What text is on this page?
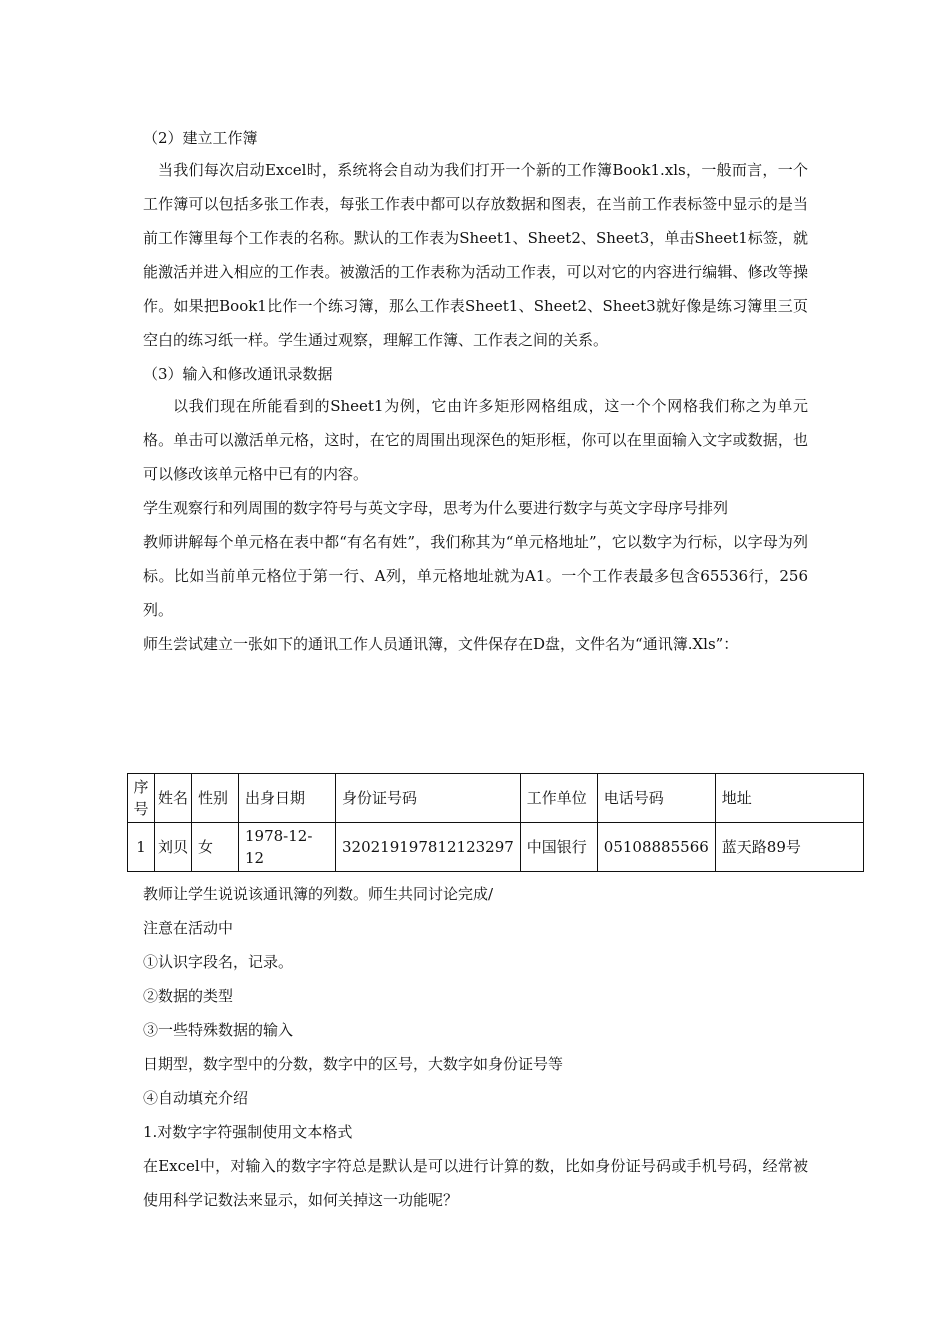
（2）建立工作簿
当我们每次启动Excel时，系统将会自动为我们打开一个新的工作簿Book1.xls，一般而言，一个工作簿可以包括多张工作表，每张工作表中都可以存放数据和图表，在当前工作表标签中显示的是当前工作簿里每个工作表的名称。默认的工作表为Sheet1、Sheet2、Sheet3，单击Sheet1标签，就能激活并进入相应的工作表。被激活的工作表称为活动工作表，可以对它的内容进行编辑、修改等操作。如果把Book1比作一个练习簿，那么工作表Sheet1、Sheet2、Sheet3就好像是练习簿里三页空白的练习纸一样。学生通过观察，理解工作簿、工作表之间的关系。
（3）输入和修改通讯录数据
以我们现在所能看到的Sheet1为例，它由许多矩形网格组成，这一个个网格我们称之为单元格。单击可以激活单元格，这时，在它的周围出现深色的矩形框，你可以在里面输入文字或数据，也可以修改该单元格中已有的内容。
学生观察行和列周围的数字符号与英文字母，思考为什么要进行数字与英文字母序号排列
教师讲解每个单元格在表中都“有名有姓”，我们称其为“单元格地址”，它以数字为行标，以字母为列标。比如当前单元格位于第一行、A列，单元格地址就为A1。一个工作表最多包含65536行，256列。
师生尝试建立一张如下的通讯工作人员通讯簿，文件保存在D盘，文件名为“通讯簿.Xls”：
序号	姓名	性别	出身日期	身份证号码	工作单位	电话号码	地址
1	刘贝	女	1978-12-12	320219197812123297	中国银行	05108885566	蓝天路89号
教师让学生说说该通讯簿的列数。师生共同讨论完成/
注意在活动中
①认识字段名，记录。
②数据的类型
③一些特殊数据的输入
日期型，数字型中的分数，数字中的区号，大数字如身份证号等
④自动填充介绍
1.对数字字符强制使用文本格式
在Excel中，对输入的数字字符总是默认是可以进行计算的数，比如身份证号码或手机号码，经常被使用科学记数法来显示，如何关掉这一功能呢？
